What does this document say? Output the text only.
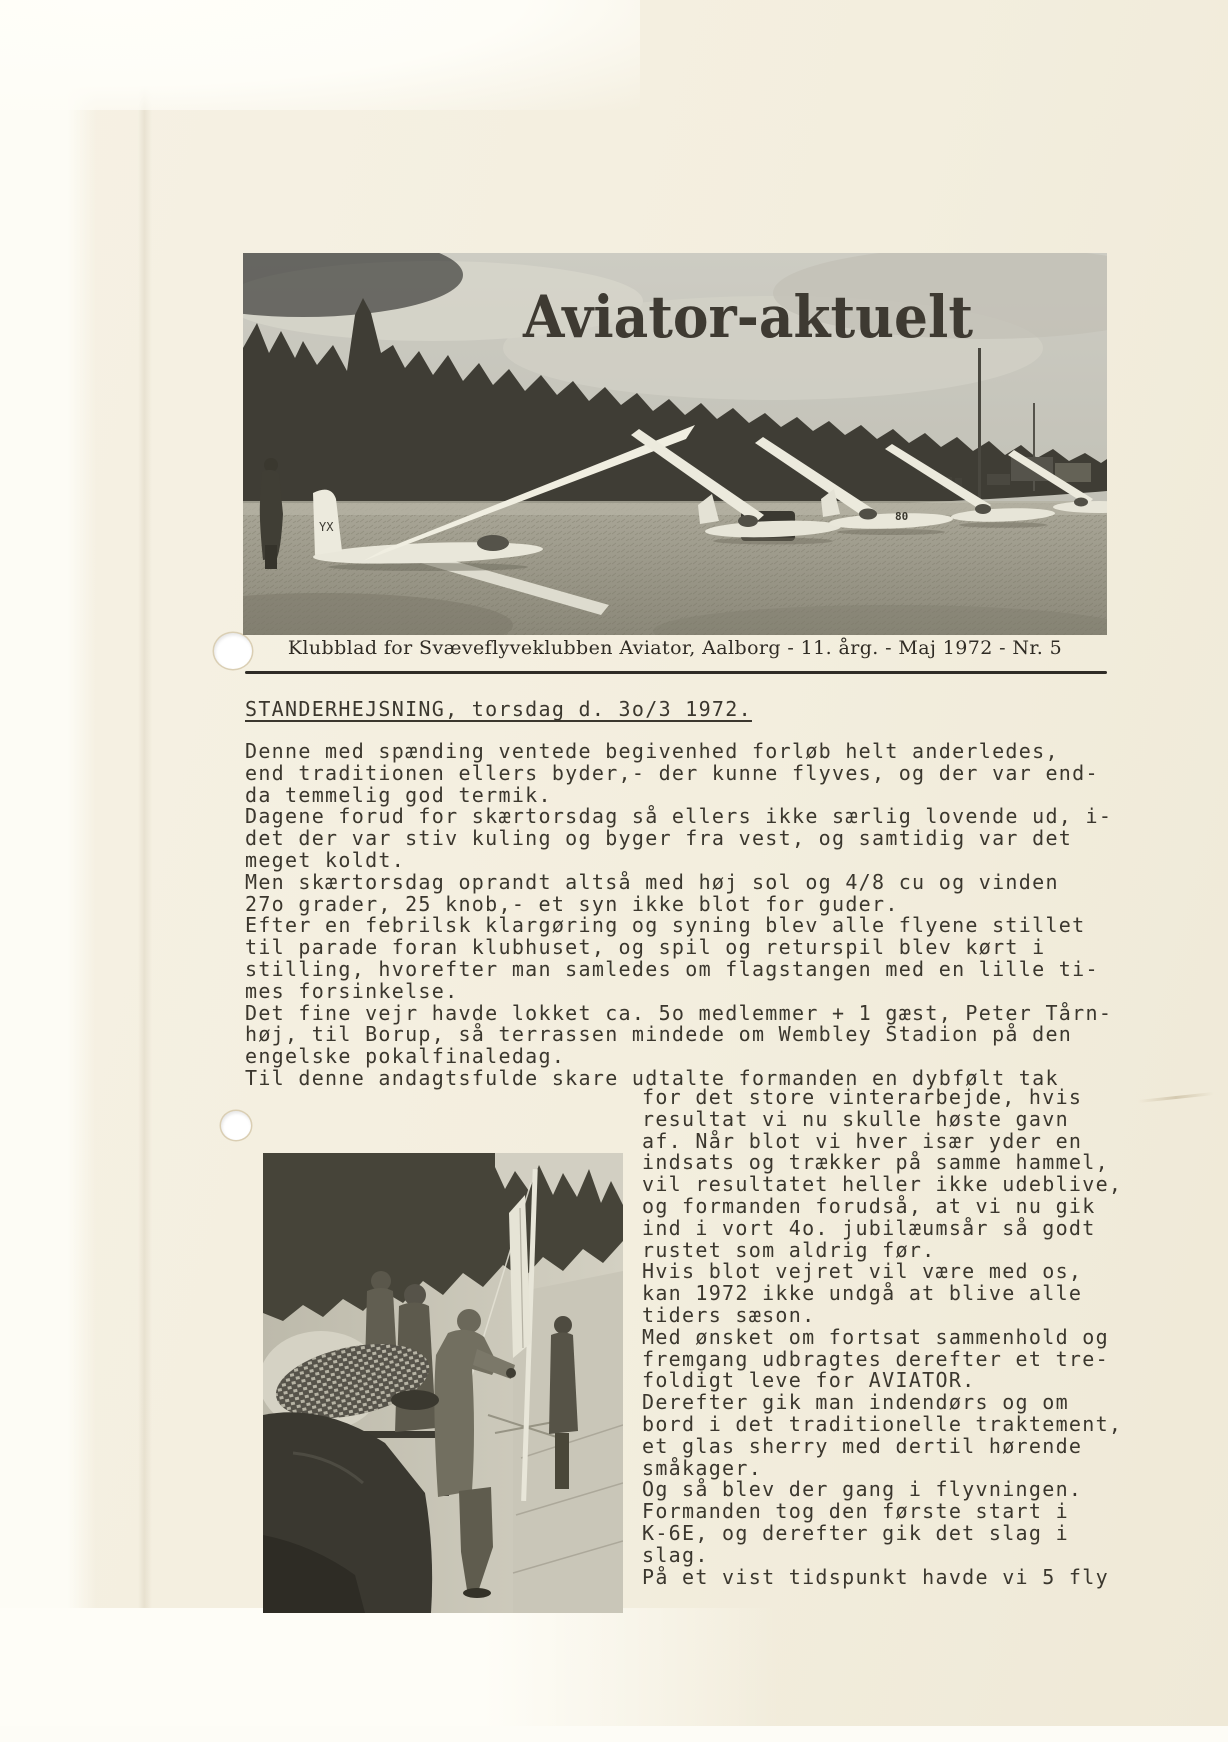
YX
80
Aviator-aktuelt
Klubblad for Svæveflyveklubben Aviator, Aalborg - 11. årg. - Maj 1972 - Nr. 5
STANDERHEJSNING, torsdag d. 3o/3 1972.
Denne med spænding ventede begivenhed forløb helt anderledes,
end traditionen ellers byder,- der kunne flyves, og der var end-
da temmelig god termik.
Dagene forud for skærtorsdag så ellers ikke særlig lovende ud, i-
det der var stiv kuling og byger fra vest, og samtidig var det
meget koldt.
Men skærtorsdag oprandt altså med høj sol og 4/8 cu og vinden
27o grader, 25 knob,- et syn ikke blot for guder.
Efter en febrilsk klargøring og syning blev alle flyene stillet
til parade foran klubhuset, og spil og returspil blev kørt i
stilling, hvorefter man samledes om flagstangen med en lille ti-
mes forsinkelse.
Det fine vejr havde lokket ca. 5o medlemmer + 1 gæst, Peter Tårn-
høj, til Borup, så terrassen mindede om Wembley Stadion på den
engelske pokalfinaledag.
Til denne andagtsfulde skare udtalte formanden en dybfølt tak
for det store vinterarbejde, hvis
resultat vi nu skulle høste gavn
af. Når blot vi hver især yder en
indsats og trækker på samme hammel,
vil resultatet heller ikke udeblive,
og formanden forudså, at vi nu gik
ind i vort 4o. jubilæumsår så godt
rustet som aldrig før.
Hvis blot vejret vil være med os,
kan 1972 ikke undgå at blive alle
tiders sæson.
Med ønsket om fortsat sammenhold og
fremgang udbragtes derefter et tre-
foldigt leve for AVIATOR.
Derefter gik man indendørs og om
bord i det traditionelle traktement,
et glas sherry med dertil hørende
småkager.
Og så blev der gang i flyvningen.
Formanden tog den første start i
K-6E, og derefter gik det slag i
slag.
På et vist tidspunkt havde vi 5 fly
